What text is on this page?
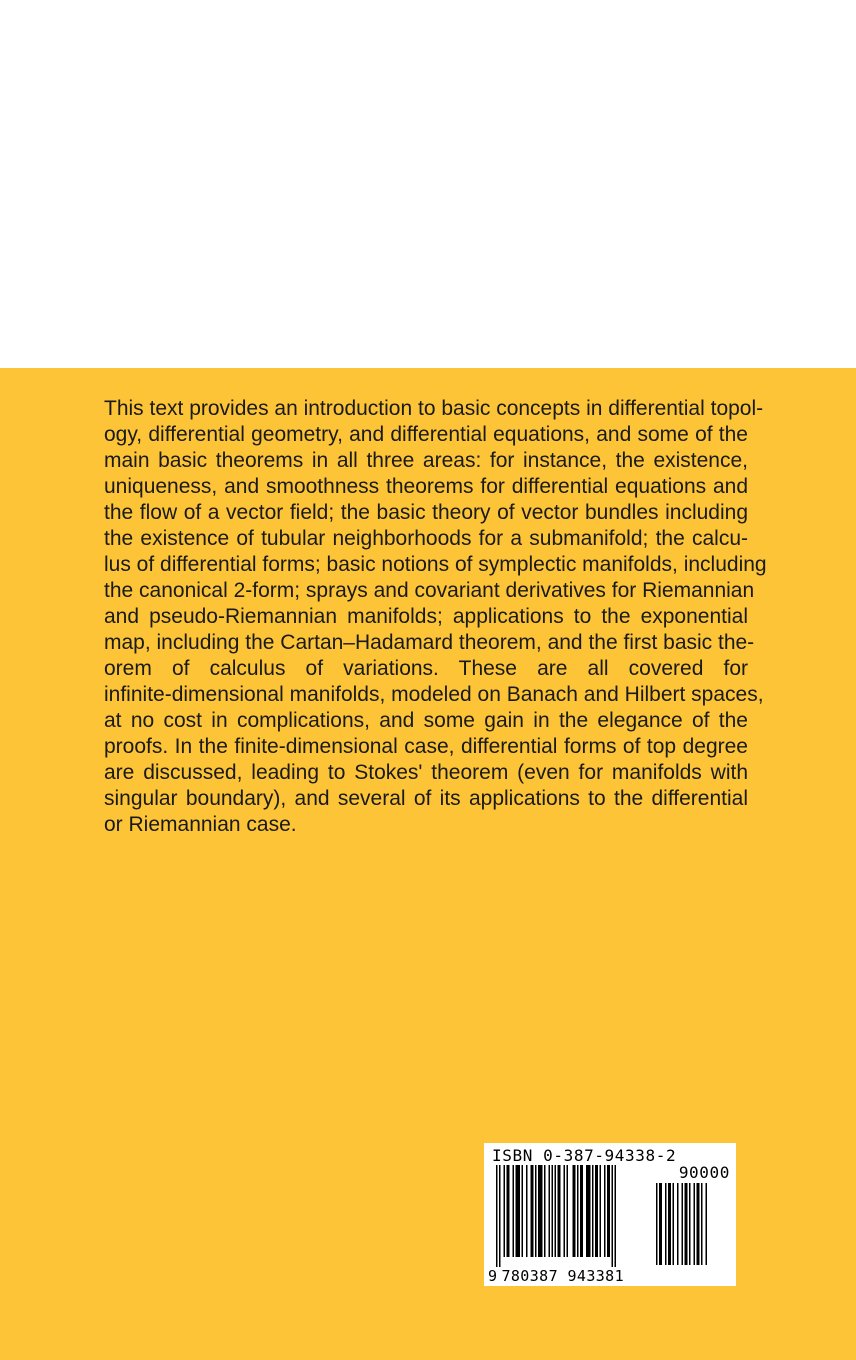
This text provides an introduction to basic concepts in differential topol-
ogy, differential geometry, and differential equations, and some of the
main basic theorems in all three areas: for instance, the existence,
uniqueness, and smoothness theorems for differential equations and
the flow of a vector field; the basic theory of vector bundles including
the existence of tubular neighborhoods for a submanifold; the calcu-
lus of differential forms; basic notions of symplectic manifolds, including
the canonical 2-form; sprays and covariant derivatives for Riemannian
and pseudo-Riemannian manifolds; applications to the exponential
map, including the Cartan–Hadamard theorem, and the first basic the-
orem of calculus of variations. These are all covered for
infinite-dimensional manifolds, modeled on Banach and Hilbert spaces,
at no cost in complications, and some gain in the elegance of the
proofs. In the finite-dimensional case, differential forms of top degree
are discussed, leading to Stokes' theorem (even for manifolds with
singular boundary), and several of its applications to the differential
or Riemannian case.

ISBN 0-387-94338-2
90000
9 780387 943381
